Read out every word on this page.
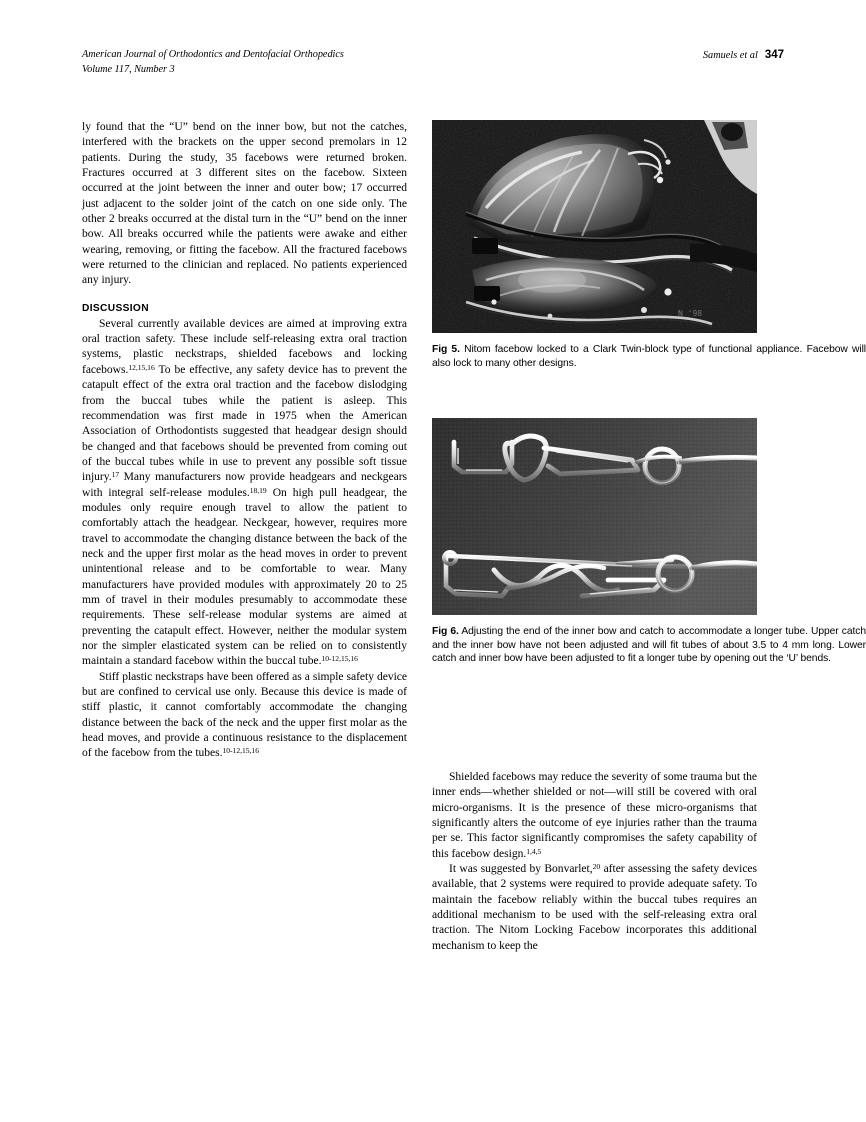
American Journal of Orthodontics and Dentofacial Orthopedics
Volume 117, Number 3
Samuels et al 347

ly found that the “U” bend on the inner bow, but not the catches, interfered with the brackets on the upper second premolars in 12 patients. During the study, 35 facebows were returned broken. Fractures occurred at 3 different sites on the facebow. Sixteen occurred at the joint between the inner and outer bow; 17 occurred just adjacent to the solder joint of the catch on one side only. The other 2 breaks occurred at the distal turn in the “U” bend on the inner bow. All breaks occurred while the patients were awake and either wearing, removing, or fitting the facebow. All the fractured facebows were returned to the clinician and replaced. No patients experienced any injury.

DISCUSSION

Several currently available devices are aimed at improving extra oral traction safety. These include self-releasing extra oral traction systems, plastic neckstraps, shielded facebows and locking facebows.$^{12,15,16}$ To be effective, any safety device has to prevent the catapult effect of the extra oral traction and the facebow dislodging from the buccal tubes while the patient is asleep. This recommendation was first made in 1975 when the American Association of Orthodontists suggested that headgear design should be changed and that facebows should be prevented from coming out of the buccal tubes while in use to prevent any possible soft tissue injury.$^{17}$ Many manufacturers now provide headgears and neckgears with integral self-release modules.$^{18,19}$ On high pull headgear, the modules only require enough travel to allow the patient to comfortably attach the headgear. Neckgear, however, requires more travel to accommodate the changing distance between the back of the neck and the upper first molar as the head moves in order to prevent unintentional release and to be comfortable to wear. Many manufacturers have provided modules with approximately 20 to 25 mm of travel in their modules presumably to accommodate these requirements. These self-release modular systems are aimed at preventing the catapult effect. However, neither the modular system nor the simpler elasticated system can be relied on to consistently maintain a standard facebow within the buccal tube.$^{10-12,15,16}$

Stiff plastic neckstraps have been offered as a simple safety device but are confined to cervical use only. Because this device is made of stiff plastic, it cannot comfortably accommodate the changing distance between the back of the neck and the upper first molar as the head moves, and provide a continuous resistance to the displacement of the facebow from the tubes.$^{10-12,15,16}$

N '98

Fig 5. Nitom facebow locked to a Clark Twin-block type of functional appliance. Facebow will also lock to many other designs.

Fig 6. Adjusting the end of the inner bow and catch to accommodate a longer tube. Upper catch and the inner bow have not been adjusted and will fit tubes of about 3.5 to 4 mm long. Lower catch and inner bow have been adjusted to fit a longer tube by opening out the ‘U’ bends.

Shielded facebows may reduce the severity of some trauma but the inner ends—whether shielded or not—will still be covered with oral micro-organisms. It is the presence of these micro-organisms that significantly alters the outcome of eye injuries rather than the trauma per se. This factor significantly compromises the safety capability of this facebow design.$^{1,4,5}$

It was suggested by Bonvarlet,$^{20}$ after assessing the safety devices available, that 2 systems were required to provide adequate safety. To maintain the facebow reliably within the buccal tubes requires an additional mechanism to be used with the self-releasing extra oral traction. The Nitom Locking Facebow incorporates this additional mechanism to keep the
